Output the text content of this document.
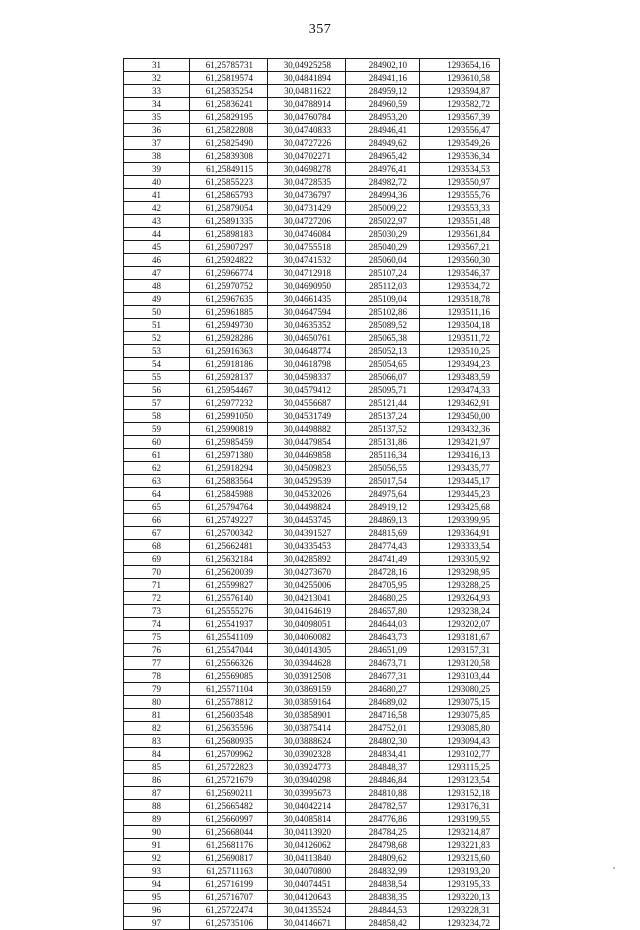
357
31	61,25785731	30,04925258	284902,10	1293654,16
32	61,25819574	30,04841894	284941,16	1293610,58
33	61,25835254	30,04811622	284959,12	1293594,87
34	61,25836241	30,04788914	284960,59	1293582,72
35	61,25829195	30,04760784	284953,20	1293567,39
36	61,25822808	30,04740833	284946,41	1293556,47
37	61,25825490	30,04727226	284949,62	1293549,26
38	61,25839308	30,04702271	284965,42	1293536,34
39	61,25849115	30,04698278	284976,41	1293534,53
40	61,25855223	30,04728535	284982,72	1293550,97
41	61,25865793	30,04736797	284994,36	1293555,76
42	61,25879054	30,04731429	285009,22	1293553,33
43	61,25891335	30,04727206	285022,97	1293551,48
44	61,25898183	30,04746084	285030,29	1293561,84
45	61,25907297	30,04755518	285040,29	1293567,21
46	61,25924822	30,04741532	285060,04	1293560,30
47	61,25966774	30,04712918	285107,24	1293546,37
48	61,25970752	30,04690950	285112,03	1293534,72
49	61,25967635	30,04661435	285109,04	1293518,78
50	61,25961885	30,04647594	285102,86	1293511,16
51	61,25949730	30,04635352	285089,52	1293504,18
52	61,25928286	30,04650761	285065,38	1293511,72
53	61,25916363	30,04648774	285052,13	1293510,25
54	61,25918186	30,04618798	285054,65	1293494,23
55	61,25928137	30,04598337	285066,07	1293483,59
56	61,25954467	30,04579412	285095,71	1293474,33
57	61,25977232	30,04556687	285121,44	1293462,91
58	61,25991050	30,04531749	285137,24	1293450,00
59	61,25990819	30,04498882	285137,52	1293432,36
60	61,25985459	30,04479854	285131,86	1293421,97
61	61,25971380	30,04469858	285116,34	1293416,13
62	61,25918294	30,04509823	285056,55	1293435,77
63	61,25883564	30,04529539	285017,54	1293445,17
64	61,25845988	30,04532026	284975,64	1293445,23
65	61,25794764	30,04498824	284919,12	1293425,68
66	61,25749227	30,04453745	284869,13	1293399,95
67	61,25700342	30,04391527	284815,69	1293364,91
68	61,25662481	30,04335453	284774,43	1293333,54
69	61,25632184	30,04285892	284741,49	1293305,92
70	61,25620039	30,04273670	284728,16	1293298,95
71	61,25599827	30,04255006	284705,95	1293288,25
72	61,25576140	30,04213041	284680,25	1293264,93
73	61,25555276	30,04164619	284657,80	1293238,24
74	61,25541937	30,04098051	284644,03	1293202,07
75	61,25541109	30,04060082	284643,73	1293181,67
76	61,25547044	30,04014305	284651,09	1293157,31
77	61,25566326	30,03944628	284673,71	1293120,58
78	61,25569085	30,03912508	284677,31	1293103,44
79	61,25571104	30,03869159	284680,27	1293080,25
80	61,25578812	30,03859164	284689,02	1293075,15
81	61,25603548	30,03858901	284716,58	1293075,85
82	61,25635596	30,03875414	284752,01	1293085,80
83	61,25680935	30,03888624	284802,30	1293094,43
84	61,25709962	30,03902328	284834,41	1293102,77
85	61,25722823	30,03924773	284848,37	1293115,25
86	61,25721679	30,03940298	284846,84	1293123,54
87	61,25690211	30,03995673	284810,88	1293152,18
88	61,25665482	30,04042214	284782,57	1293176,31
89	61,25660997	30,04085814	284776,86	1293199,55
90	61,25668044	30,04113920	284784,25	1293214,87
91	61,25681176	30,04126062	284798,68	1293221,83
92	61,25690817	30,04113840	284809,62	1293215,60
93	61,25711163	30,04070800	284832,99	1293193,20
94	61,25716199	30,04074451	284838,54	1293195,33
95	61,25716707	30,04120643	284838,35	1293220,13
96	61,25722474	30,04135524	284844,53	1293228,31
97	61,25735106	30,04146671	284858,42	1293234,72
